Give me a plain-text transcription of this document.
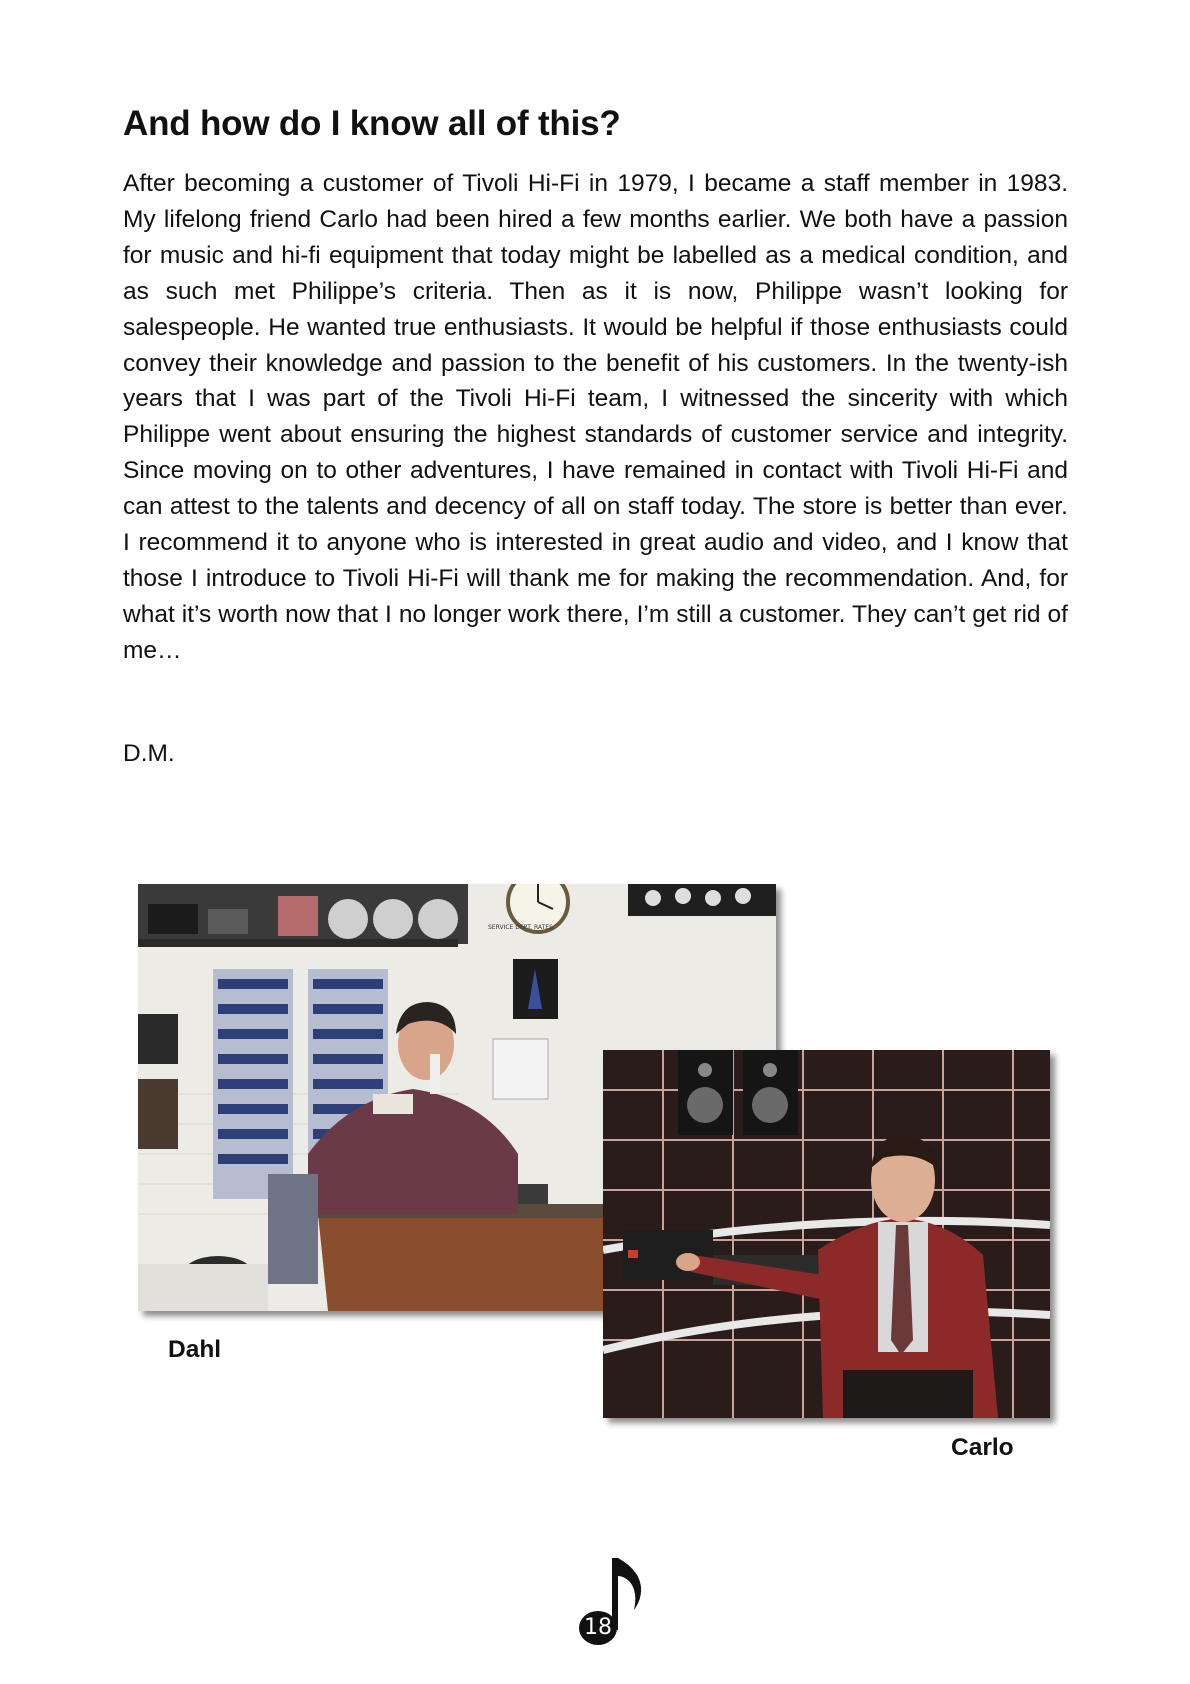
And how do I know all of this?

After becoming a customer of Tivoli Hi-Fi in 1979, I became a staff member in 1983. My lifelong friend Carlo had been hired a few months earlier. We both have a passion for music and hi-fi equipment that today might be labelled as a medical condition, and as such met Philippe’s criteria. Then as it is now, Philippe wasn’t looking for salespeople. He wanted true enthusiasts. It would be helpful if those enthusiasts could convey their knowledge and passion to the benefit of his customers. In the twenty-ish years that I was part of the Tivoli Hi-Fi team, I witnessed the sincerity with which Philippe went about ensuring the highest standards of customer service and integrity. Since moving on to other adventures, I have remained in contact with Tivoli Hi-Fi and can attest to the talents and decency of all on staff today. The store is better than ever. I recommend it to anyone who is interested in great audio and video, and I know that those I introduce to Tivoli Hi-Fi will thank me for making the recommendation. And, for what it’s worth now that I no longer work there, I’m still a customer. They can’t get rid of me…

D.M.
SERVICE DEPT. RATES
Dahl
Carlo
18
